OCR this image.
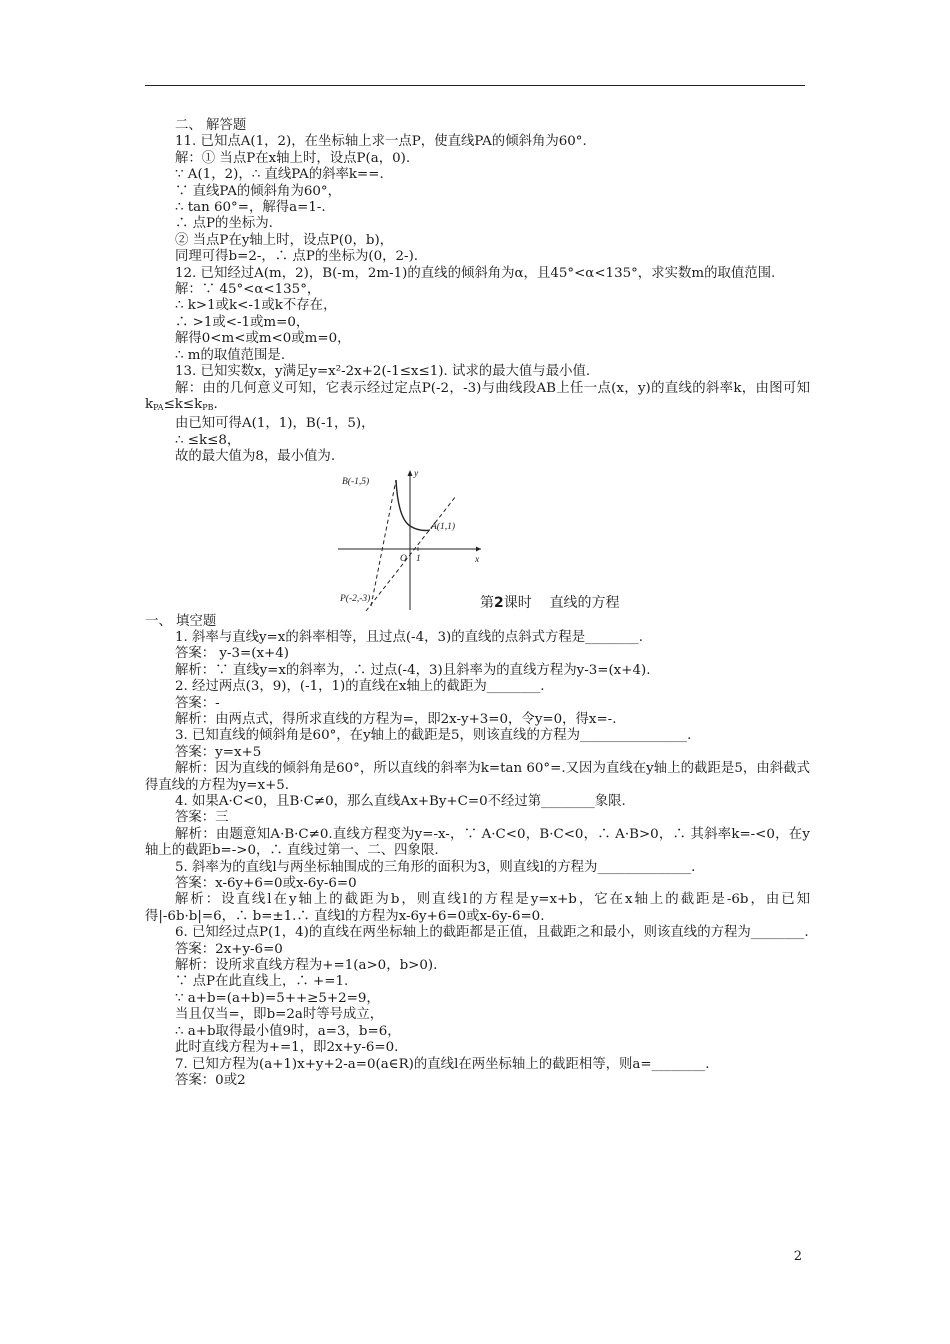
二、 解答题
11. 已知点A(1，2)，在坐标轴上求一点P，使直线PA的倾斜角为60°.
解：① 当点P在x轴上时，设点P(a，0).
∵ A(1，2)，∴ 直线PA的斜率k==.
∵ 直线PA的倾斜角为60°，
∴ tan 60°=，解得a=1-.
∴ 点P的坐标为.
② 当点P在y轴上时，设点P(0，b)，
同理可得b=2-，∴ 点P的坐标为(0，2-).
12. 已知经过A(m，2)，B(-m，2m-1)的直线的倾斜角为α，且45°<α<135°，求实数m的取值范围.
解：∵ 45°<α<135°，
∴ k>1或k<-1或k不存在，
∴ >1或<-1或m=0，
解得0<m<或m<0或m=0，
∴ m的取值范围是.
13. 已知实数x，y满足y=x²-2x+2(-1≤x≤1). 试求的最大值与最小值.
解：由的几何意义可知，它表示经过定点P(-2，-3)与曲线段AB上任一点(x，y)的直线的斜率k，由图可知kPA≤k≤kPB.
由已知可得A(1，1)，B(-1，5)，
∴ ≤k≤8，
故的最大值为8，最小值为.
B(-1,5)
A(1,1)
P(-2,-3)
O 1	x
y
第2课时 直线的方程
一、 填空题
1. 斜率与直线y=x的斜率相等，且过点(-4，3)的直线的点斜式方程是________.
答案： y-3=(x+4)
解析：∵ 直线y=x的斜率为，∴ 过点(-4，3)且斜率为的直线方程为y-3=(x+4).
2. 经过两点(3，9)，(-1，1)的直线在x轴上的截距为________.
答案：-
解析：由两点式，得所求直线的方程为=，即2x-y+3=0，令y=0，得x=-.
3. 已知直线的倾斜角是60°，在y轴上的截距是5，则该直线的方程为________________.
答案：y=x+5
解析：因为直线的倾斜角是60°，所以直线的斜率为k=tan 60°=.又因为直线在y轴上的截距是5，由斜截式得直线的方程为y=x+5.
4. 如果A·C<0，且B·C≠0，那么直线Ax+By+C=0不经过第________象限.
答案：三
解析：由题意知A·B·C≠0.直线方程变为y=-x-，∵ A·C<0，B·C<0，∴ A·B>0，∴ 其斜率k=-<0，在y轴上的截距b=->0，∴ 直线过第一、二、四象限.
5. 斜率为的直线l与两坐标轴围成的三角形的面积为3，则直线l的方程为______________.
答案：x-6y+6=0或x-6y-6=0
解析：设直线l在y轴上的截距为b，则直线l的方程是y=x+b，它在x轴上的截距是-6b，由已知得|-6b·b|=6，∴ b=±1.∴ 直线l的方程为x-6y+6=0或x-6y-6=0.
6. 已知经过点P(1，4)的直线在两坐标轴上的截距都是正值，且截距之和最小，则该直线的方程为________.
答案：2x+y-6=0
解析：设所求直线方程为+=1(a>0，b>0).
∵ 点P在此直线上，∴ +=1.
∵ a+b=(a+b)=5++≥5+2=9，
当且仅当=，即b=2a时等号成立，
∴ a+b取得最小值9时，a=3，b=6，
此时直线方程为+=1，即2x+y-6=0.
7. 已知方程为(a+1)x+y+2-a=0(a∈R)的直线l在两坐标轴上的截距相等，则a=________.
答案：0或2
2
